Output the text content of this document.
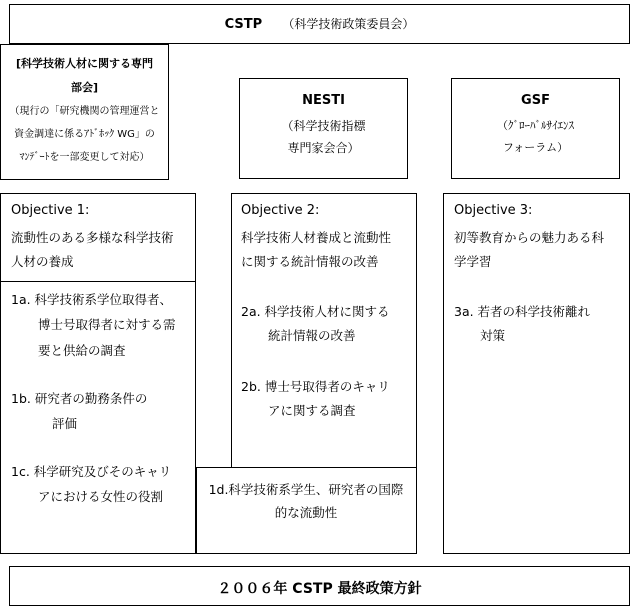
CSTP （科学技術政策委員会）
[科学技術人材に関する専門
部会]
（現行の「研究機関の管理運営と
資金調達に係るｱﾄﾞﾎｯｸ WG」の
ﾏﾝﾃﾞｰﾄを一部変更して対応）
NESTI
（科学技術指標
専門家会合）
GSF
（ｸﾞﾛｰﾊﾞﾙｻｲｴﾝｽ
フォーラム）
Objective 1:
流動性のある多様な科学技術
人材の養成
1a. 科学技術系学位取得者、
博士号取得者に対する需
要と供給の調査
1b. 研究者の勤務条件の
評価
1c. 科学研究及びそのキャリ
アにおける女性の役割
Objective 2:
科学技術人材養成と流動性
に関する統計情報の改善
2a. 科学技術人材に関する
統計情報の改善
2b. 博士号取得者のキャリ
アに関する調査
Objective 3:
初等教育からの魅力ある科
学学習
3a. 若者の科学技術離れ
対策
1d.科学技術系学生、研究者の国際
的な流動性
２００６年 CSTP 最終政策方針
